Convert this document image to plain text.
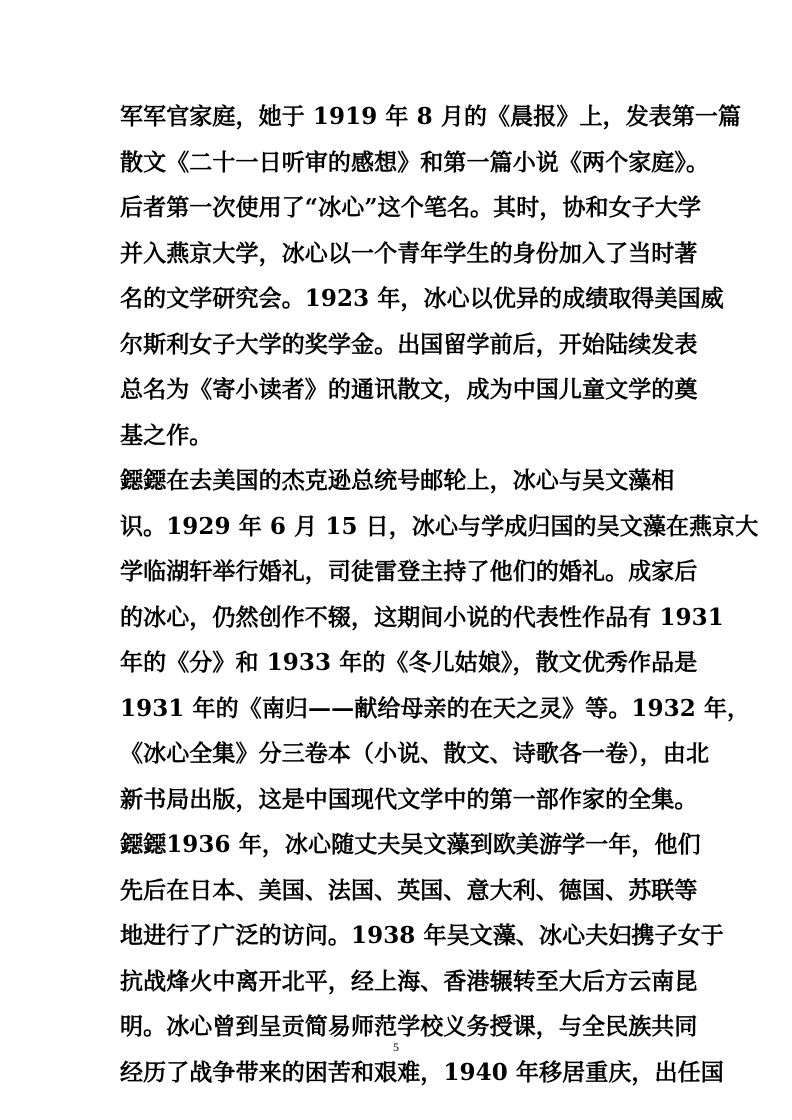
军军官家庭，她于 1919 年 8 月的《晨报》上，发表第一篇
散文《二十一日听审的感想》和第一篇小说《两个家庭》。
后者第一次使用了“冰心”这个笔名。其时，协和女子大学
并入燕京大学，冰心以一个青年学生的身份加入了当时著
名的文学研究会。1923 年，冰心以优异的成绩取得美国威
尔斯利女子大学的奖学金。出国留学前后，开始陆续发表
总名为《寄小读者》的通讯散文，成为中国儿童文学的奠
基之作。
鐚鐚在去美国的杰克逊总统号邮轮上，冰心与吴文藻相
识。1929 年 6 月 15 日，冰心与学成归国的吴文藻在燕京大
学临湖轩举行婚礼，司徒雷登主持了他们的婚礼。成家后
的冰心，仍然创作不辍，这期间小说的代表性作品有 1931
年的《分》和 1933 年的《冬儿姑娘》，散文优秀作品是
1931 年的《南归——献给母亲的在天之灵》等。1932 年，
《冰心全集》分三卷本（小说、散文、诗歌各一卷），由北
新书局出版，这是中国现代文学中的第一部作家的全集。
鐚鐚1936 年，冰心随丈夫吴文藻到欧美游学一年，他们
先后在日本、美国、法国、英国、意大利、德国、苏联等
地进行了广泛的访问。1938 年吴文藻、冰心夫妇携子女于
抗战烽火中离开北平，经上海、香港辗转至大后方云南昆
明。冰心曾到呈贡简易师范学校义务授课，与全民族共同
经历了战争带来的困苦和艰难，1940 年移居重庆，出任国
5
